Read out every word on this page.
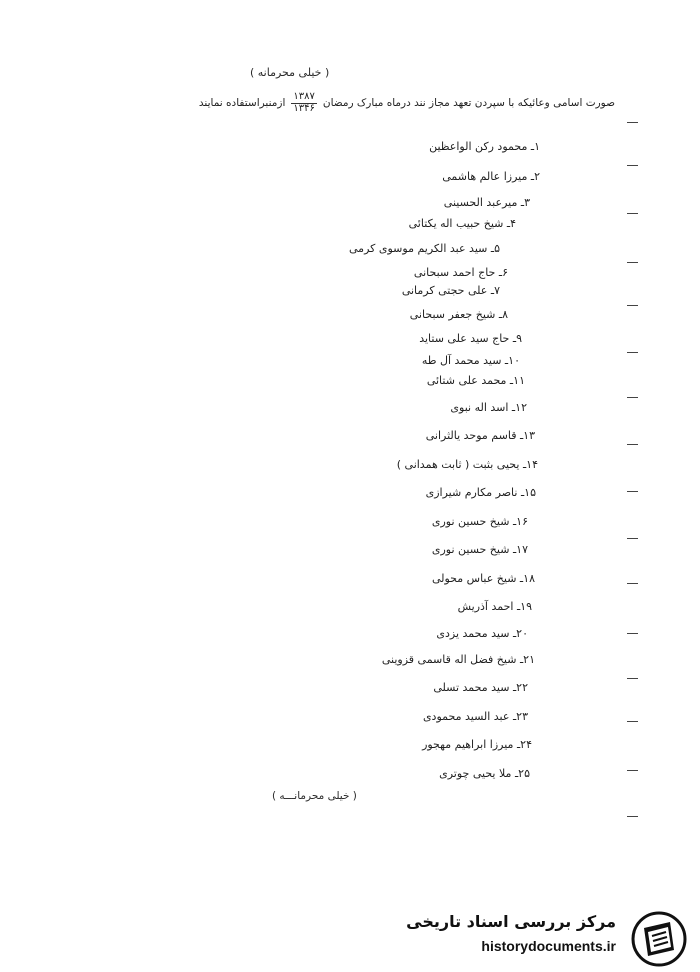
( خیلی محرمانه )
صورت اسامی وعائیکه با سپردن تعهد مجاز نند درماه مبارک رمضان
$\frac{۱۳۸۷}{۱۳۴۶}$
ازمنبراستفاده نمایند
۱ـ محمود رکن الواعظین
۲ـ میرزا عالم هاشمی
۳ـ میرعبد الحسینی
۴ـ شیخ حبیب اله یکتائی
۵ـ سید عبد الکریم موسوی کرمی
۶ـ حاج احمد سبحانی
۷ـ علی حجتی کرمانی
۸ـ شیخ جعفر سبحانی
۹ـ حاج سید علی ستاید
۱۰ـ سید محمد آل طه
۱۱ـ محمد علی شتائی
۱۲ـ اسد اله نبوی
۱۳ـ قاسم موحد یالثرانی
۱۴ـ یحیی بثبت ( ثابت همدانی )
۱۵ـ ناصر مکارم شیرازی
۱۶ـ شیخ حسین نوری
۱۷ـ شیخ حسین نوری
۱۸ـ شیخ عباس محولی
۱۹ـ احمد آذریش
۲۰ـ سید محمد یزدی
۲۱ـ شیخ فضل اله قاسمی قزوینی
۲۲ـ سید محمد تسلی
۲۳ـ عبد السید محمودی
۲۴ـ میرزا ابراهیم مهجور
۲۵ـ ملا یحیی چوتری
( خیلی محرمانـــه )
مرکز بررسی اسناد تاریخی
historydocuments.ir
